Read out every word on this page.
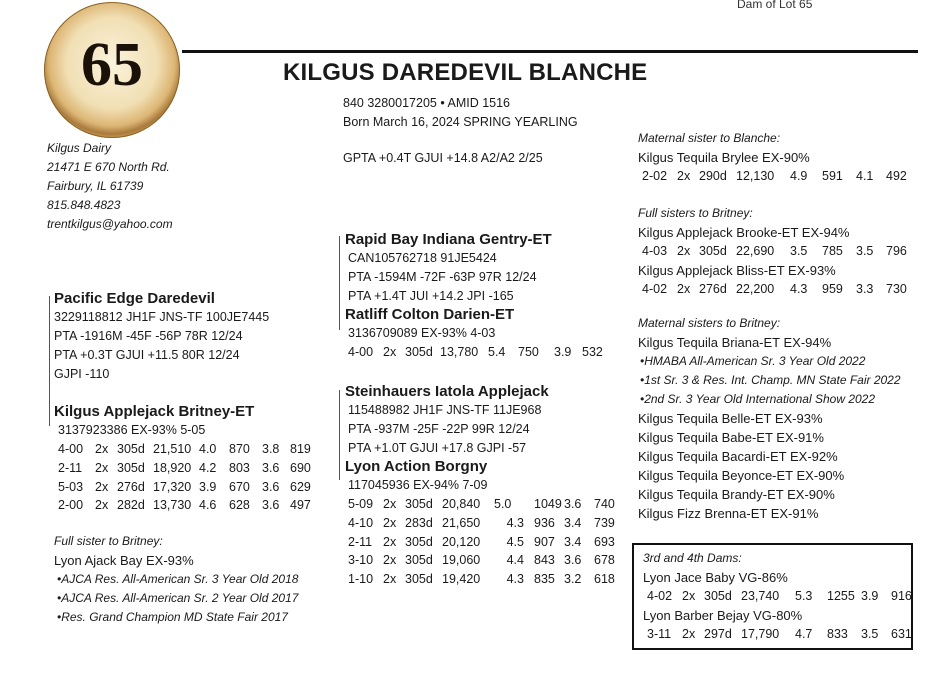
Dam of Lot 65
65	KILGUS DAREDEVIL BLANCHE
840 3280017205 • AMID 1516
Born March 16, 2024 SPRING YEARLING
GPTA +0.4T GJUI +14.8 A2/A2 2/25
Kilgus Dairy
21471 E 670 North Rd.
Fairbury, IL 61739
815.848.4823
trentkilgus@yahoo.com
Pacific Edge Daredevil
3229118812 JH1F JNS-TF 100JE7445
PTA -1916M -45F -56P 78R 12/24
PTA +0.3T GJUI +11.5 80R 12/24
GJPI -110
Kilgus Applejack Britney-ET
3137923386 EX-93% 5-05
4-00 2x 305d 21,510 4.0	870 3.8 819
2-11	2x 305d 18,920 4.2	803 3.6 690
5-03 2x 276d 17,320 3.9	670 3.6 629
2-00 2x 282d 13,730 4.6	628 3.6 497
Full sister to Britney:
Lyon Ajack Bay EX-93%
•AJCA Res. All-American Sr. 3 Year Old 2018
•AJCA Res. All-American Sr. 2 Year Old 2017
•Res. Grand Champion MD State Fair 2017
Rapid Bay Indiana Gentry-ET
CAN105762718 91JE5424
PTA -1594M -72F -63P 97R 12/24
PTA +1.4T JUI +14.2 JPI -165
Ratliff Colton Darien-ET
3136709089 EX-93% 4-03
4-00 2x 305d 13,780 5.4	750	3.9 532
Steinhauers Iatola Applejack
115488982 JH1F JNS-TF 11JE968
PTA -937M -25F -22P 99R 12/24
PTA +1.0T GJUI +17.8 GJPI -57
Lyon Action Borgny
117045936 EX-94% 7-09
5-09 2x 305d 20,840	5.0	1049 3.6	740
4-10 2x 283d 21,650	4.3 936 3.4	739
2-11 2x 305d 20,120	4.5 907 3.4	693
3-10 2x 305d 19,060	4.4 843 3.6	678
1-10 2x 305d 19,420	4.3 835 3.2	618
Maternal sister to Blanche:
Kilgus Tequila Brylee EX-90%
2-02 2x 290d 12,130	4.9	591	4.1	492
Full sisters to Britney:
Kilgus Applejack Brooke-ET EX-94%
4-03 2x 305d 22,690	3.5	785	3.5	796
Kilgus Applejack Bliss-ET EX-93%
4-02 2x 276d 22,200	4.3	959	3.3	730
Maternal sisters to Britney:
Kilgus Tequila Briana-ET EX-94%
•HMABA All-American Sr. 3 Year Old 2022
•1st Sr. 3 & Res. Int. Champ. MN State Fair 2022
•2nd Sr. 3 Year Old International Show 2022
Kilgus Tequila Belle-ET EX-93%
Kilgus Tequila Babe-ET EX-91%
Kilgus Tequila Bacardi-ET EX-92%
Kilgus Tequila Beyonce-ET EX-90%
Kilgus Tequila Brandy-ET EX-90%
Kilgus Fizz Brenna-ET EX-91%
3rd and 4th Dams:
Lyon Jace Baby VG-86%
4-02 2x 305d 23,740	5.3	1255 3.9	916
Lyon Barber Bejay VG-80%
3-11 2x 297d 17,790	4.7	833	3.5	631
